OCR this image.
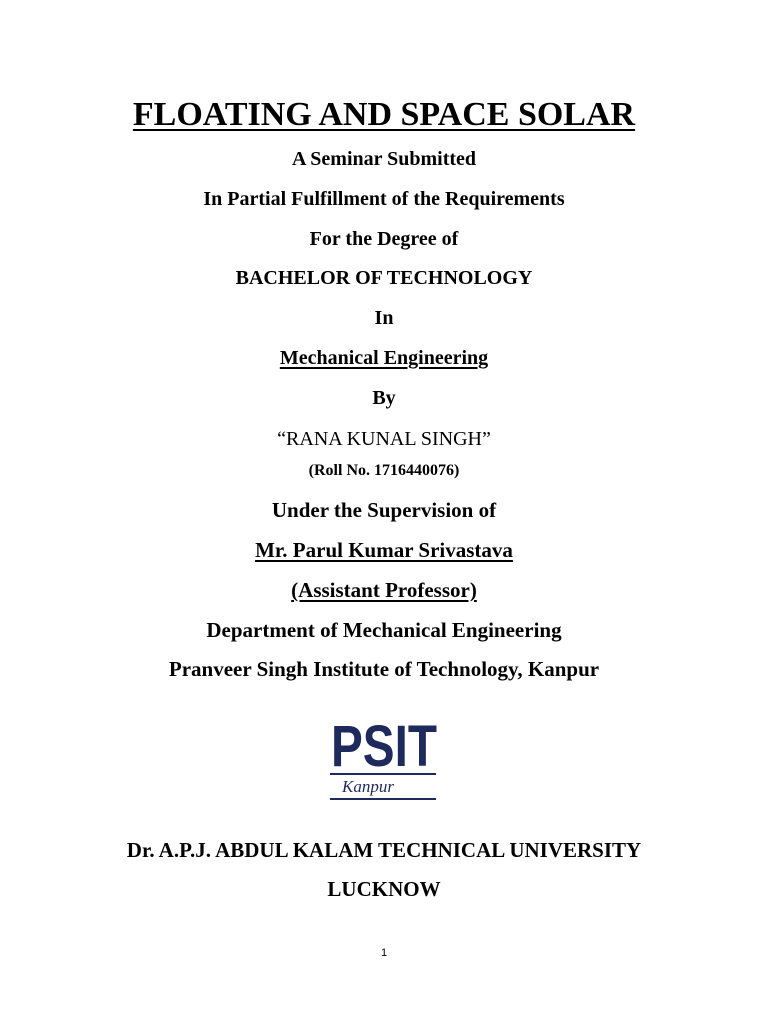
FLOATING AND SPACE SOLAR
A Seminar Submitted
In Partial Fulfillment of the Requirements
For the Degree of
BACHELOR OF TECHNOLOGY
In
Mechanical Engineering
By
“RANA KUNAL SINGH”
(Roll No. 1716440076)
Under the Supervision of
Mr. Parul Kumar Srivastava
(Assistant Professor)
Department of Mechanical Engineering
Pranveer Singh Institute of Technology, Kanpur
PSIT
Kanpur
Dr. A.P.J. ABDUL KALAM TECHNICAL UNIVERSITY
LUCKNOW
1
